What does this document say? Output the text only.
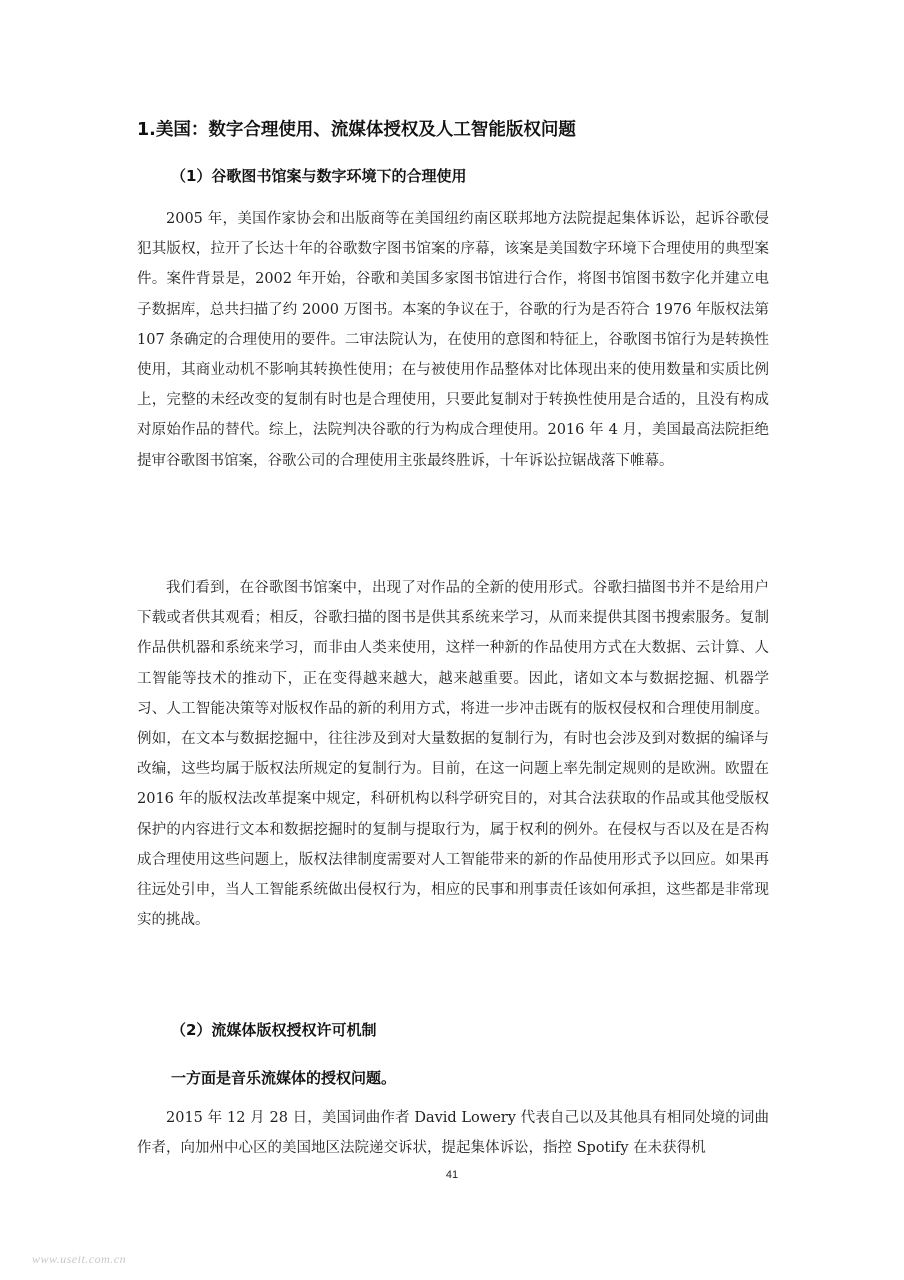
1.美国：数字合理使用、流媒体授权及人工智能版权问题
（1）谷歌图书馆案与数字环境下的合理使用

2005 年，美国作家协会和出版商等在美国纽约南区联邦地方法院提起集体诉讼，起诉谷歌侵犯其版权，拉开了长达十年的谷歌数字图书馆案的序幕，该案是美国数字环境下合理使用的典型案件。案件背景是，2002 年开始，谷歌和美国多家图书馆进行合作，将图书馆图书数字化并建立电子数据库，总共扫描了约 2000 万图书。本案的争议在于，谷歌的行为是否符合 1976 年版权法第 107 条确定的合理使用的要件。二审法院认为，在使用的意图和特征上，谷歌图书馆行为是转换性使用，其商业动机不影响其转换性使用；在与被使用作品整体对比体现出来的使用数量和实质比例上，完整的未经改变的复制有时也是合理使用，只要此复制对于转换性使用是合适的，且没有构成对原始作品的替代。综上，法院判决谷歌的行为构成合理使用。2016 年 4 月，美国最高法院拒绝提审谷歌图书馆案，谷歌公司的合理使用主张最终胜诉，十年诉讼拉锯战落下帷幕。

我们看到，在谷歌图书馆案中，出现了对作品的全新的使用形式。谷歌扫描图书并不是给用户下载或者供其观看；相反，谷歌扫描的图书是供其系统来学习，从而来提供其图书搜索服务。复制作品供机器和系统来学习，而非由人类来使用，这样一种新的作品使用方式在大数据、云计算、人工智能等技术的推动下，正在变得越来越大，越来越重要。因此，诸如文本与数据挖掘、机器学习、人工智能决策等对版权作品的新的利用方式，将进一步冲击既有的版权侵权和合理使用制度。例如，在文本与数据挖掘中，往往涉及到对大量数据的复制行为，有时也会涉及到对数据的编译与改编，这些均属于版权法所规定的复制行为。目前，在这一问题上率先制定规则的是欧洲。欧盟在 2016 年的版权法改革提案中规定，科研机构以科学研究目的，对其合法获取的作品或其他受版权保护的内容进行文本和数据挖掘时的复制与提取行为，属于权利的例外。在侵权与否以及在是否构成合理使用这些问题上，版权法律制度需要对人工智能带来的新的作品使用形式予以回应。如果再往远处引申，当人工智能系统做出侵权行为，相应的民事和刑事责任该如何承担，这些都是非常现实的挑战。

（2）流媒体版权授权许可机制
一方面是音乐流媒体的授权问题。

2015 年 12 月 28 日，美国词曲作者 David Lowery 代表自己以及其他具有相同处境的词曲作者，向加州中心区的美国地区法院递交诉状，提起集体诉讼，指控 Spotify 在未获得机

41
www.useit.com.cn
